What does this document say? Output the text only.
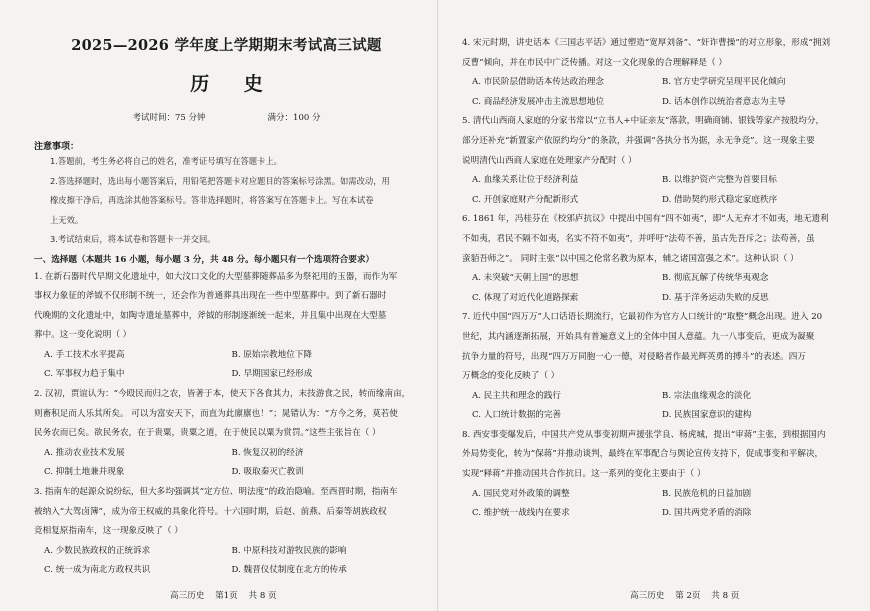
2025—2026 学年度上学期期末考试高三试题
历 史
考试时间：75 分钟	满分：100 分
注意事项：
1.答题前，考生务必将自己的姓名，准考证号填写在答题卡上。
2.答选择题时，选出每小题答案后，用铅笔把答题卡对应题目的答案标号涂黑。如需改动，用
橡皮擦干净后，再选涂其他答案标号。答非选择题时，将答案写在答题卡上。写在本试卷
上无效。
3.考试结束后，将本试卷和答题卡一并交回。
一、选择题（本题共 16 小题，每小题 3 分，共 48 分。每小题只有一个选项符合要求）
1. 在新石器时代早期文化遗址中，如大汶口文化的大型墓葬随葬品多为祭祀用的玉器，而作为军
事权力象征的斧钺不仅形制不统一，还会作为普通葬具出现在一些中型墓葬中。到了新石器时
代晚期的文化遗址中，如陶寺遗址墓葬中，斧钺的形制逐渐统一起来，并且集中出现在大型墓
葬中。这一变化说明（ ）
A. 手工技术水平提高	B. 原始宗教地位下降
C. 军事权力趋于集中	D. 早期国家已经形成
2. 汉初，贾谊认为：“今殴民而归之农，皆著于本，使天下各食其力，末技游食之民，转而缘南亩，
则畜积足而人乐其所矣。 可以为富安天下，而直为此廪廪也！”；晁错认为：“方今之务，莫若使
民务农而已矣。欲民务农，在于贵粟，贵粟之道，在于使民以粟为赏罚。”这些主张旨在（ ）
A. 推动农业技术发展	B. 恢复汉初的经济
C. 抑制土地兼并现象	D. 吸取秦灭亡教训
3. 指南车的起源众说纷纭，但大多均强调其“定方位、明法度”的政治隐喻。至西晋时期，指南车
被纳入“大驾卤簿”，成为帝王权威的具象化符号。十六国时期，后赵、前燕、后秦等胡族政权
竞相复原指南车，这一现象反映了（ ）
A. 少数民族政权的正统诉求	B. 中原科技对游牧民族的影响
C. 统一成为南北方政权共识	D. 魏晋仪仗制度在北方的传承
高三历史 第1页 共 8 页
4. 宋元时期，讲史话本《三国志平话》通过塑造“宽厚刘备”、“奸诈曹操”的对立形象，形成“拥刘
反曹”倾向，并在市民中广泛传播。对这一文化现象的合理解释是（ ）
A. 市民阶层借助话本传达政治理念	B. 官方史学研究呈现平民化倾向
C. 商品经济发展冲击主流思想地位	D. 话本创作以统治者意志为主导
5. 清代山西商人家庭的分家书常以“立书人+中证亲友”落款，明确商铺、银钱等家产按股均分，
部分还补充“新置家产依原约均分”的条款，并强调“各执分书为据，永无争竞”。这一现象主要
说明清代山西商人家庭在处理家产分配时（ ）
A. 血缘关系让位于经济利益	B. 以维护资产完整为首要目标
C. 开创家庭财产分配新形式	D. 借助契约形式稳定家庭秩序
6. 1861 年，冯桂芬在《校邠庐抗议》中提出中国有“四不如夷”，即“人无弃才不如夷，地无遗利
不如夷，君民不隔不如夷，名实不符不如夷”，并呼吁“法苟不善，虽古先吾斥之；法苟善，虽
蛮貊吾师之”。 同时主张“以中国之伦常名教为原本，辅之诸国富强之术”。这种认识（ ）
A. 未突破“天朝上国”的思想	B. 彻底瓦解了传统华夷观念
C. 体现了对近代化道路探索	D. 基于洋务运动失败的反思
7. 近代中国“四万万”人口话语长期流行，它最初作为官方人口统计的“取整”概念出现。进入 20
世纪，其内涵逐渐拓展，开始具有普遍意义上的全体中国人意蕴。九一八事变后，更成为凝聚
抗争力量的符号，出现“四万万同胞一心一德，对侵略者作最光辉英勇的搏斗”的表述。四万
万概念的变化反映了（ ）
A. 民主共和理念的践行	B. 宗法血缘观念的淡化
C. 人口统计数据的完善	D. 民族国家意识的建构
8. 西安事变爆发后，中国共产党从事变初期声援张学良、杨虎城，提出“审蒋”主张，到根据国内
外局势变化，转为“保蒋”并推动谈判，最终在军事配合与舆论宣传支持下，促成事变和平解决，
实现“释蒋”并推动国共合作抗日。这一系列的变化主要由于（ ）
A. 国民党对外政策的调整	B. 民族危机的日益加剧
C. 维护统一战线内在要求	D. 国共两党矛盾的消除
高三历史 第 2页 共 8 页
